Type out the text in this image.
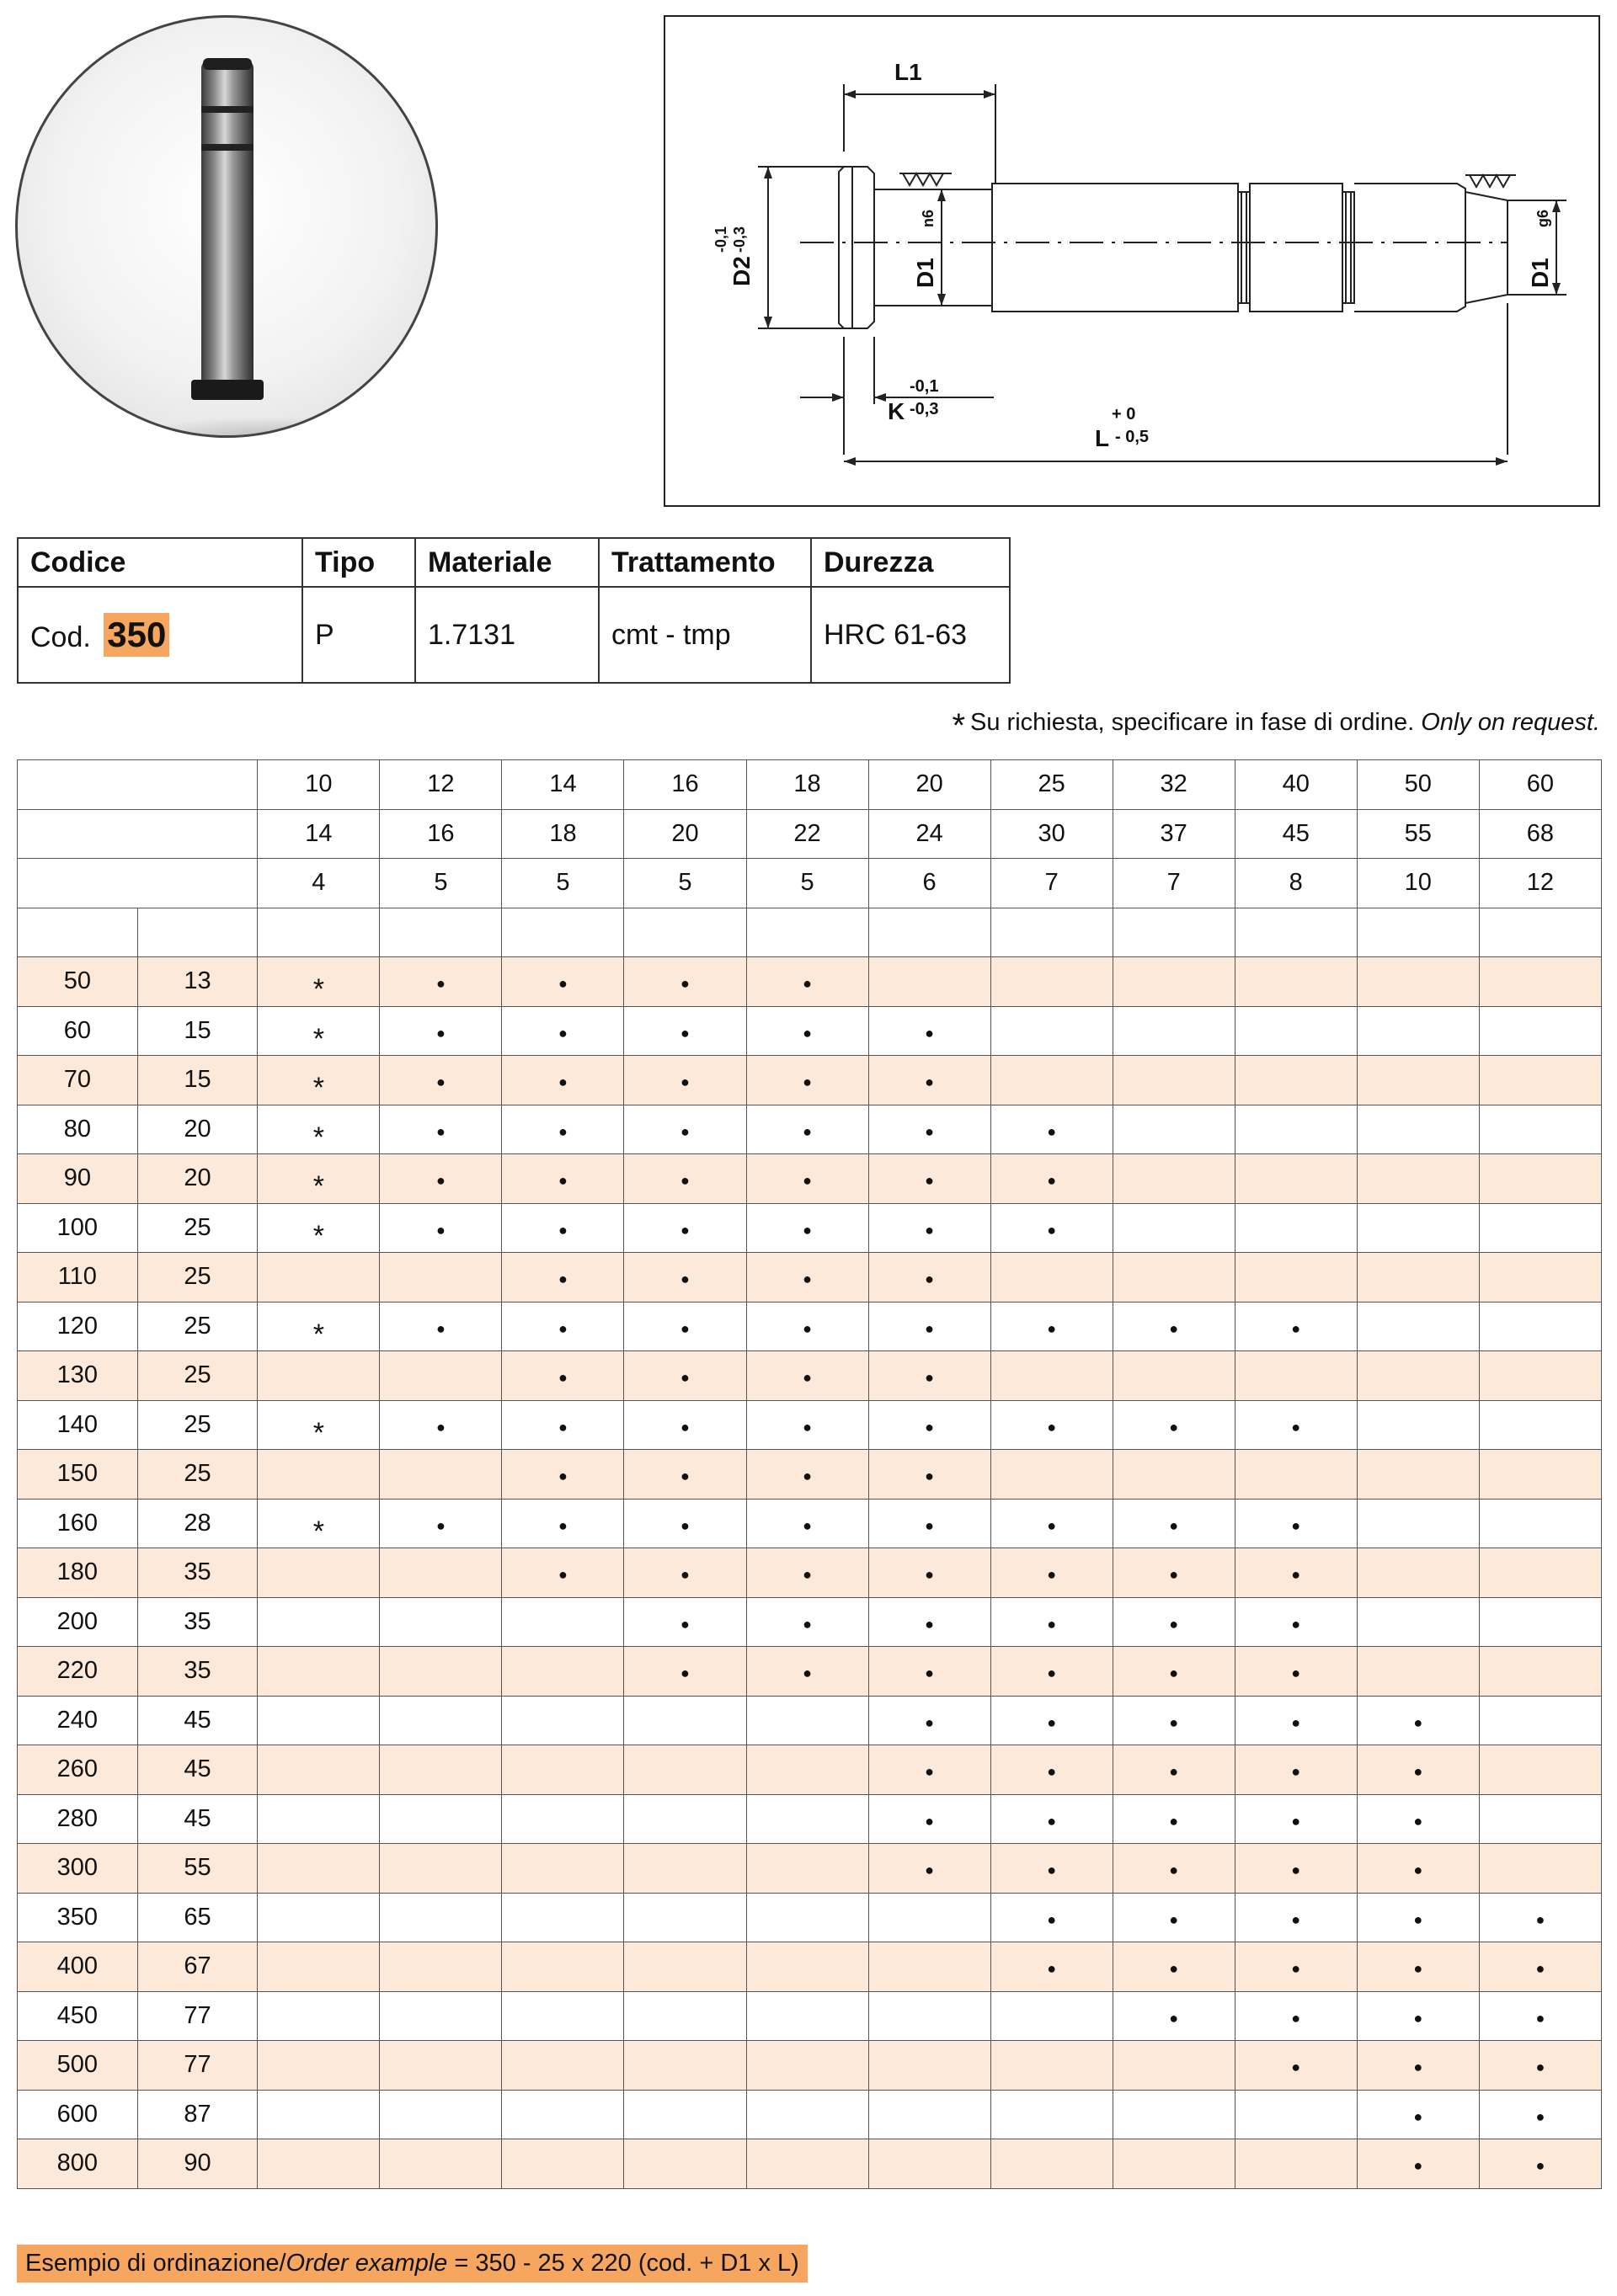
L1
D2
-0,1 -0,3
D1
n6
D1
g6
-0,1
-0,3
K	+ 0
- 0,5
L
Codice	Tipo	Materiale	Trattamento	Durezza
Cod. 350	P	1.7131	cmt - tmp	HRC 61-63
* Su richiesta, specificare in fase di ordine. Only on request.
D1		10	12	14	16	18	20	25	32	40	50	60
D2		14	16	18	20	22	24	30	37	45	55	68
K		4	5	5	5	5	6	7	7	8	10	12
L	L1											
50	13	*	●	●	●	●						
60	15	*	●	●	●	●	●					
70	15	*	●	●	●	●	●					
80	20	*	●	●	●	●	●	●				
90	20	*	●	●	●	●	●	●				
100	25	*	●	●	●	●	●	●				
110	25			●	●	●	●					
120	25	*	●	●	●	●	●	●	●	●		
130	25			●	●	●	●					
140	25	*	●	●	●	●	●	●	●	●		
150	25			●	●	●	●					
160	28	*	●	●	●	●	●	●	●	●		
180	35			●	●	●	●	●	●	●		
200	35				●	●	●	●	●	●		
220	35				●	●	●	●	●	●		
240	45						●	●	●	●	●	
260	45						●	●	●	●	●	
280	45						●	●	●	●	●	
300	55						●	●	●	●	●	
350	65							●	●	●	●	●
400	67							●	●	●	●	●
450	77								●	●	●	●
500	77									●	●	●
600	87										●	●
800	90										●	●
Esempio di ordinazione/Order example = 350 - 25 x 220 (cod. + D1 x L)
